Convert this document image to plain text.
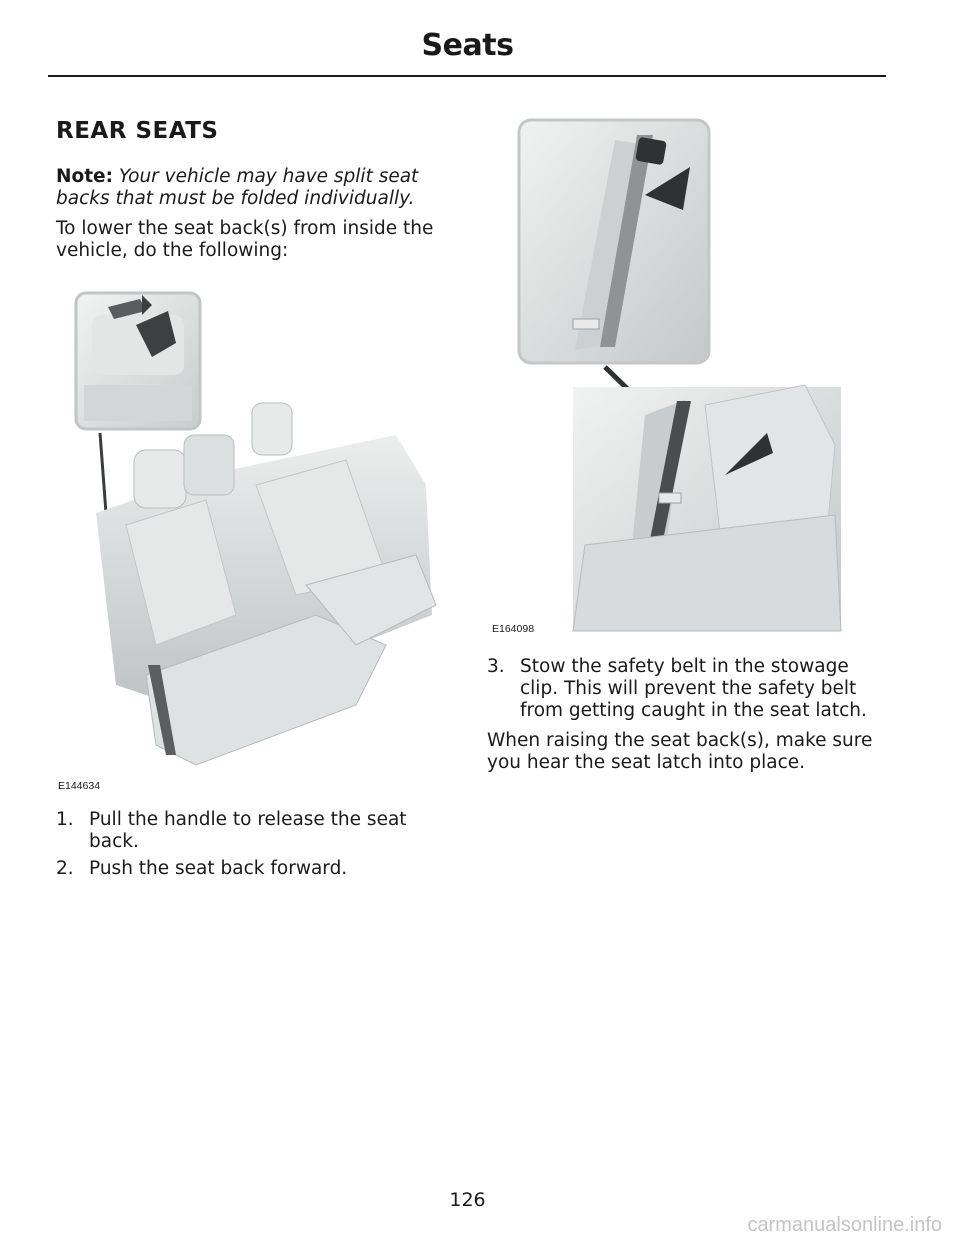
Seats
REAR SEATS
Note: Your vehicle may have split seat backs that must be folded individually.
To lower the seat back(s) from inside the vehicle, do the following:
E144634
E164098
1. Pull the handle to release the seat back.
2. Push the seat back forward.
3. Stow the safety belt in the stowage clip. This will prevent the safety belt from getting caught in the seat latch.
When raising the seat back(s), make sure you hear the seat latch into place.
126
carmanualsonline.info
